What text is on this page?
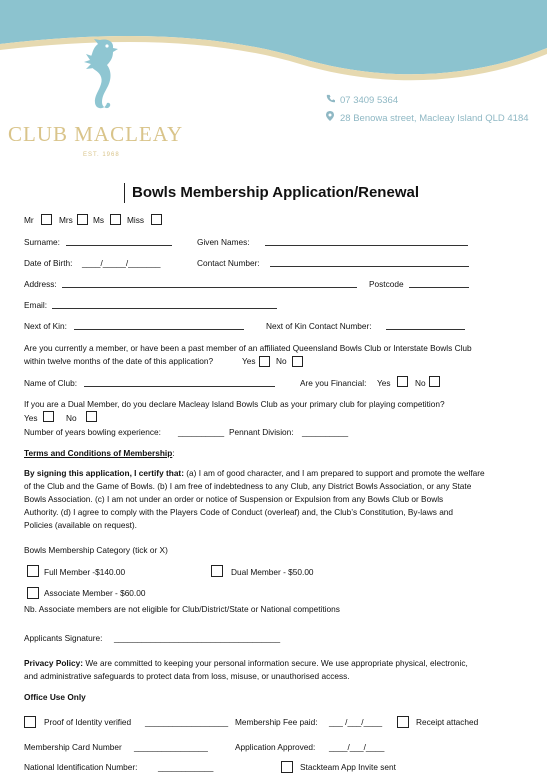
CLUB MACLEAY
EST. 1968
07 3409 5364
28 Benowa street, Macleay Island QLD 4184
Bowls Membership Application/Renewal
Mr	Mrs Ms	Miss
Surname:	Given Names:
Date of Birth: ____/_____/_______	Contact Number:
Address:	Postcode
Email:
Next of Kin:	Next of Kin Contact Number:
Are you currently a member, or have been a past member of an affiliated Queensland Bowls Club or Interstate Bowls Club
within twelve months of the date of this application?	Yes No
Name of Club:	Are you Financial: Yes	No
If you are a Dual Member, do you declare Macleay Island Bowls Club as your primary club for playing competition?
Yes	No
Number of years bowling experience: __________ Pennant Division: __________
Terms and Conditions of Membership:
By signing this application, I certify that: (a) I am of good character, and I am prepared to support and promote the welfare
of the Club and the Game of Bowls. (b) I am free of indebtedness to any Club, any District Bowls Association, or any State
Bowls Association. (c) I am not under an order or notice of Suspension or Expulsion from any Bowls Club or Bowls
Authority. (d) I agree to comply with the Players Code of Conduct (overleaf) and, the Club’s Constitution, By-laws and
Policies (available on request).
Bowls Membership Category (tick or X)
Full Member -$140.00	Dual Member - $50.00
Associate Member - $60.00
Nb. Associate members are not eligible for Club/District/State or National competitions
Applicants Signature: ____________________________________
Privacy Policy: We are committed to keeping your personal information secure. We use appropriate physical, electronic,
and administrative safeguards to protect data from loss, misuse, or unauthorised access.
Office Use Only
Proof of Identity verified __________________ Membership Fee paid: ___ /___/____	Receipt attached
Membership Card Number ________________	Application Approved: ____/___/____
National Identification Number: ____________	Stackteam App Invite sent
